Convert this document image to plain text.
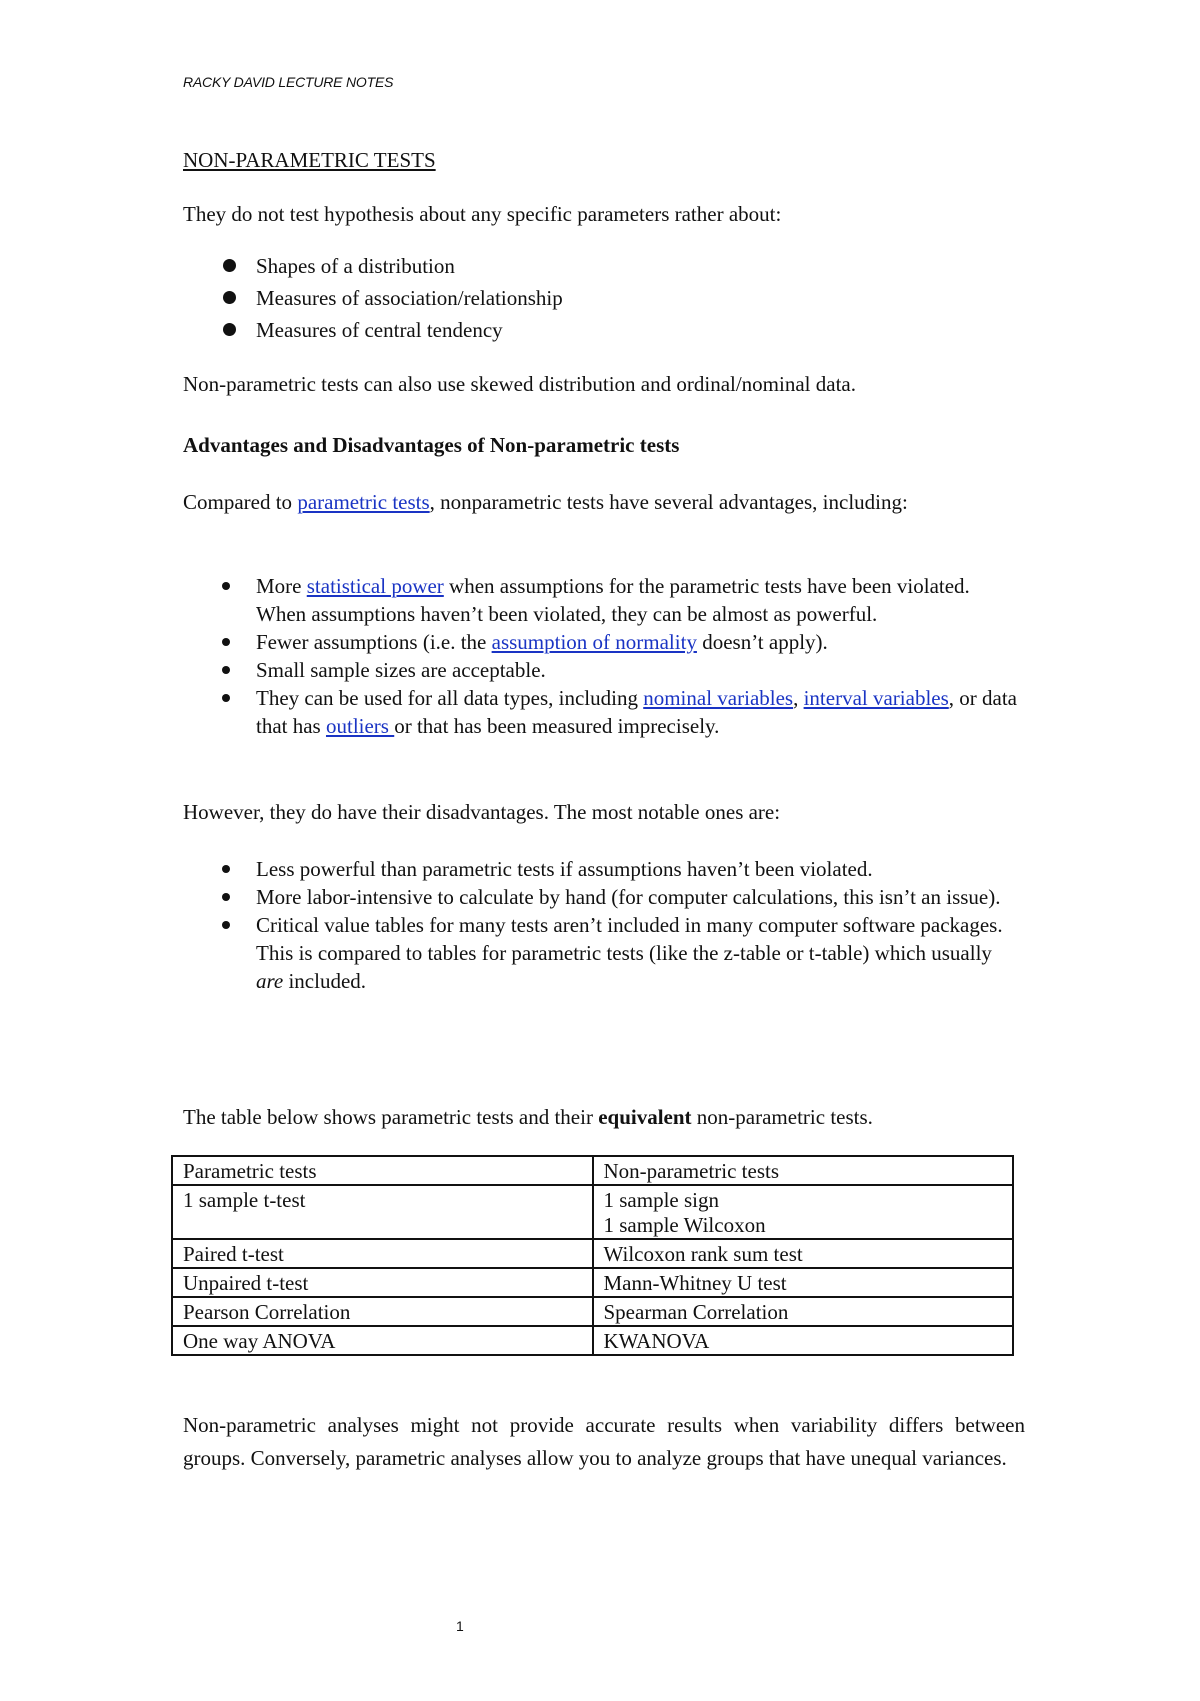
RACKY DAVID LECTURE NOTES
NON-PARAMETRIC TESTS

They do not test hypothesis about any specific parameters rather about:

Shapes of a distribution
Measures of association/relationship
Measures of central tendency

Non-parametric tests can also use skewed distribution and ordinal/nominal data.

Advantages and Disadvantages of Non-parametric tests

Compared to parametric tests, nonparametric tests have several advantages, including:

More statistical power when assumptions for the parametric tests have been violated. When assumptions haven’t been violated, they can be almost as powerful.
Fewer assumptions (i.e. the assumption of normality doesn’t apply).
Small sample sizes are acceptable.
They can be used for all data types, including nominal variables, interval variables, or data that has outliers or that has been measured imprecisely.

However, they do have their disadvantages. The most notable ones are:

Less powerful than parametric tests if assumptions haven’t been violated.
More labor-intensive to calculate by hand (for computer calculations, this isn’t an issue).
Critical value tables for many tests aren’t included in many computer software packages. This is compared to tables for parametric tests (like the z-table or t-table) which usually are included.

The table below shows parametric tests and their equivalent non-parametric tests.

Parametric tests	Non-parametric tests
1 sample t-test	1 sample sign
1 sample Wilcoxon

Paired t-test	Wilcoxon rank sum test
Unpaired t-test	Mann-Whitney U test
Pearson Correlation	Spearman Correlation
One way ANOVA	KWANOVA

Non-parametric analyses might not provide accurate results when variability differs between groups. Conversely, parametric analyses allow you to analyze groups that have unequal variances.

1
